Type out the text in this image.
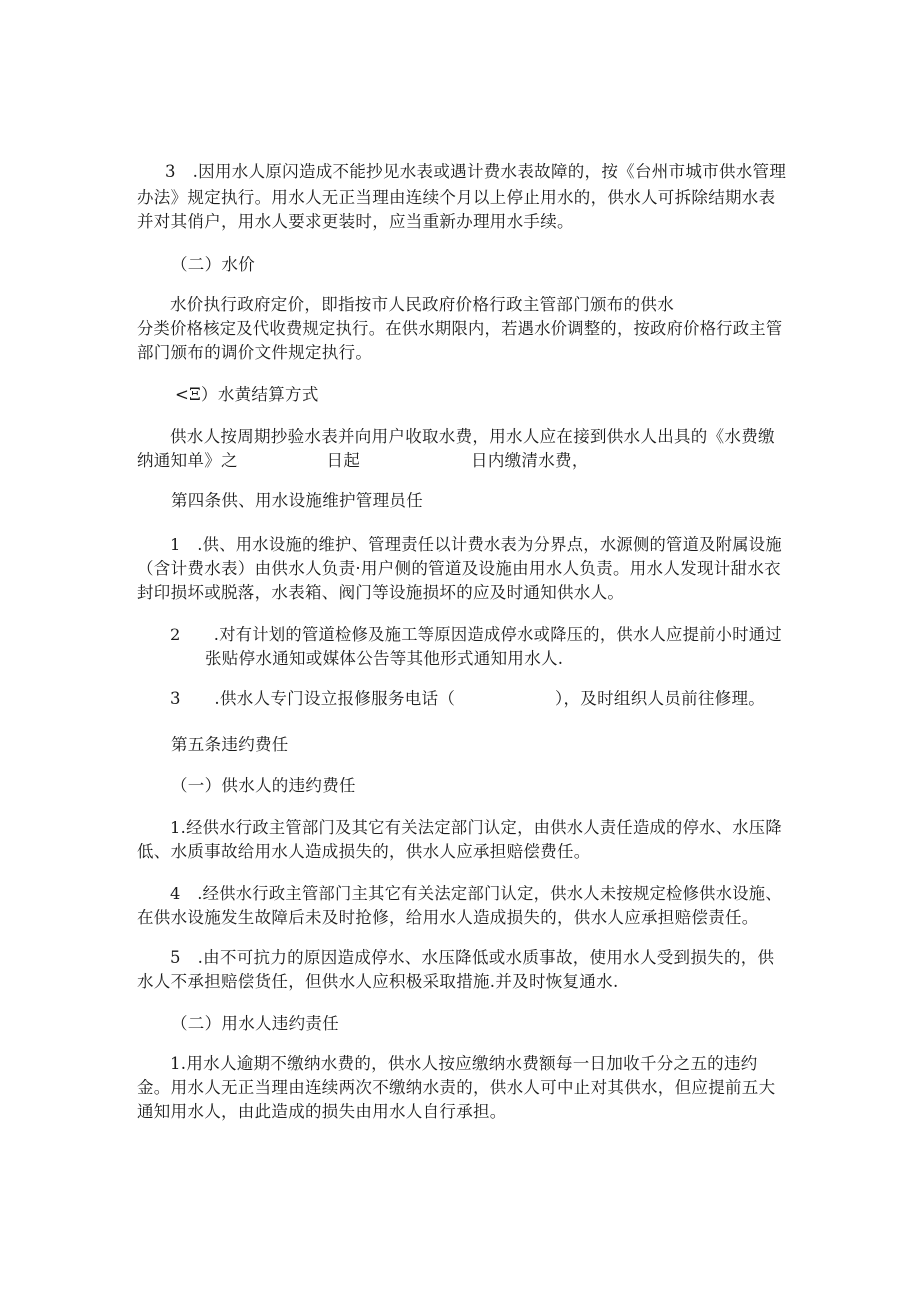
3　.因用水人原闪造成不能抄见水表或遇计费水表故障的，按《台州市城市供水管理

办法》规定执行。用水人无正当理由连续个月以上停止用水的，供水人可拆除结期水表

并对其俏户，用水人要求更装时，应当重新办理用水手续。

（二）水价

水价执行政府定价，即指按市人民政府价格行政主管部门颁布的供水

分类价格核定及代收费规定执行。在供水期限内，若遇水价调整的，按政府价格行政主管

部门颁布的调价文件规定执行。

<Ξ）水黄结算方式

供水人按周期抄验水表并向用户收取水费，用水人应在接到供水人出具的《水费缴

纳通知单》之                日起                    日内缴清水费，

第四条供、用水设施维护管理员任

1　.供、用水设施的维护、管理责任以计费水表为分界点，水源侧的管道及附属设施

（含计费水表）由供水人负责·用户侧的管道及设施由用水人负责。用水人发现计甜水衣

封印损坏或脱落，水表箱、阀门等设施损坏的应及时通知供水人。

2　　.对有计划的管道检修及施工等原因造成停水或降压的，供水人应提前小时通过

张贴停水通知或媒体公告等其他形式通知用水人.

3　　.供水人专门设立报修服务电话（                  ），及时组织人员前往修理。

第五条违约费任

（一）供水人的违约费任

1.经供水行政主管部门及其它有关法定部门认定，由供水人责任造成的停水、水压降

低、水质事故给用水人造成损失的，供水人应承担赔偿费任。

4　.经供水行政主管部门主其它有关法定部门认定，供水人未按规定检修供水设施、

在供水设施发生故障后未及时抢修，给用水人造成损失的，供水人应承担赔偿责任。

5　.由不可抗力的原因造成停水、水压降低或水质事故，使用水人受到损失的，供

水人不承担赔偿货任，但供水人应积极采取措施.并及时恢复通水.

（二）用水人违约责任

1.用水人逾期不缴纳水费的，供水人按应缴纳水费额每一日加收千分之五的违约

金。用水人无正当理由连续两次不缴纳水责的，供水人可中止对其供水，但应提前五大

通知用水人，由此造成的损失由用水人自行承担。
